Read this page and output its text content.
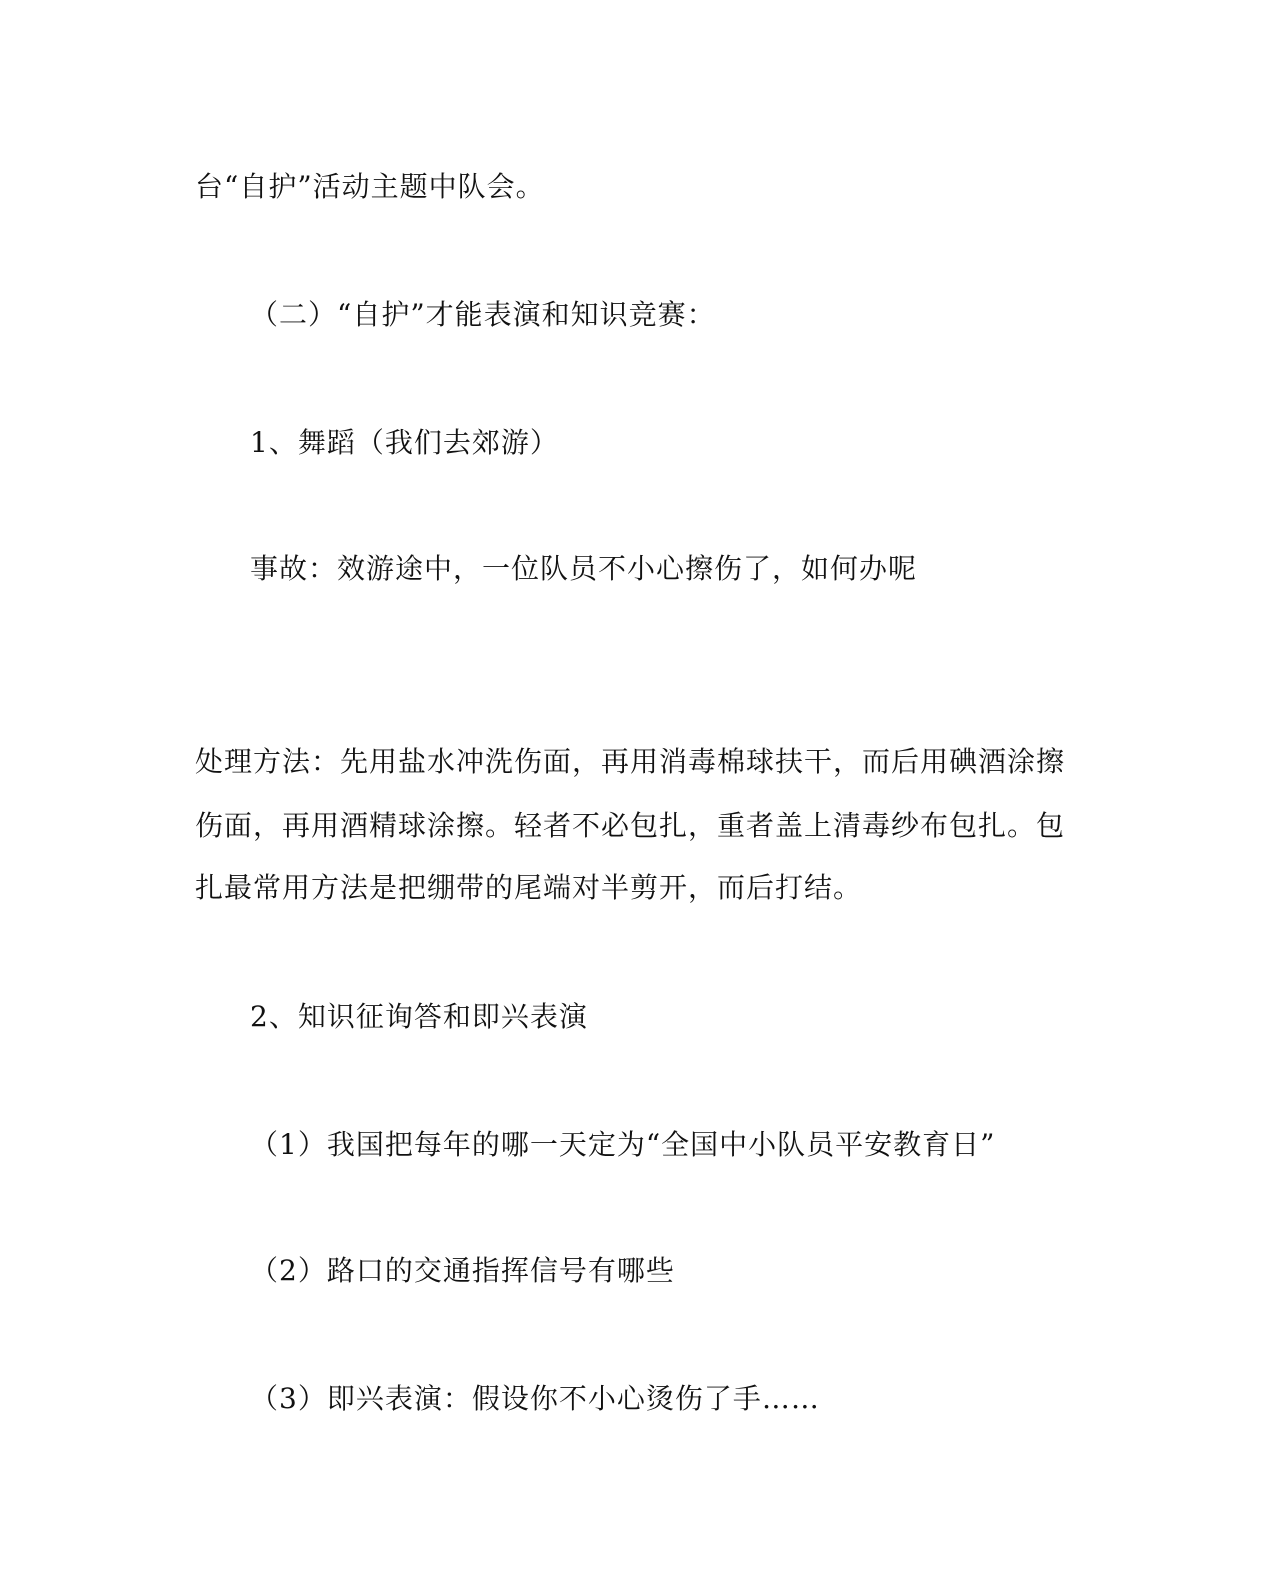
台“自护”活动主题中队会。
（二）“自护”才能表演和知识竞赛：
1、舞蹈（我们去郊游）
事故：效游途中，一位队员不小心擦伤了，如何办呢
处理方法：先用盐水冲洗伤面，再用消毒棉球扶干，而后用碘酒涂擦
伤面，再用酒精球涂擦。轻者不必包扎，重者盖上清毒纱布包扎。包
扎最常用方法是把绷带的尾端对半剪开，而后打结。
2、知识征询答和即兴表演
（1）我国把每年的哪一天定为“全国中小队员平安教育日”
（2）路口的交通指挥信号有哪些
（3）即兴表演：假设你不小心烫伤了手……
